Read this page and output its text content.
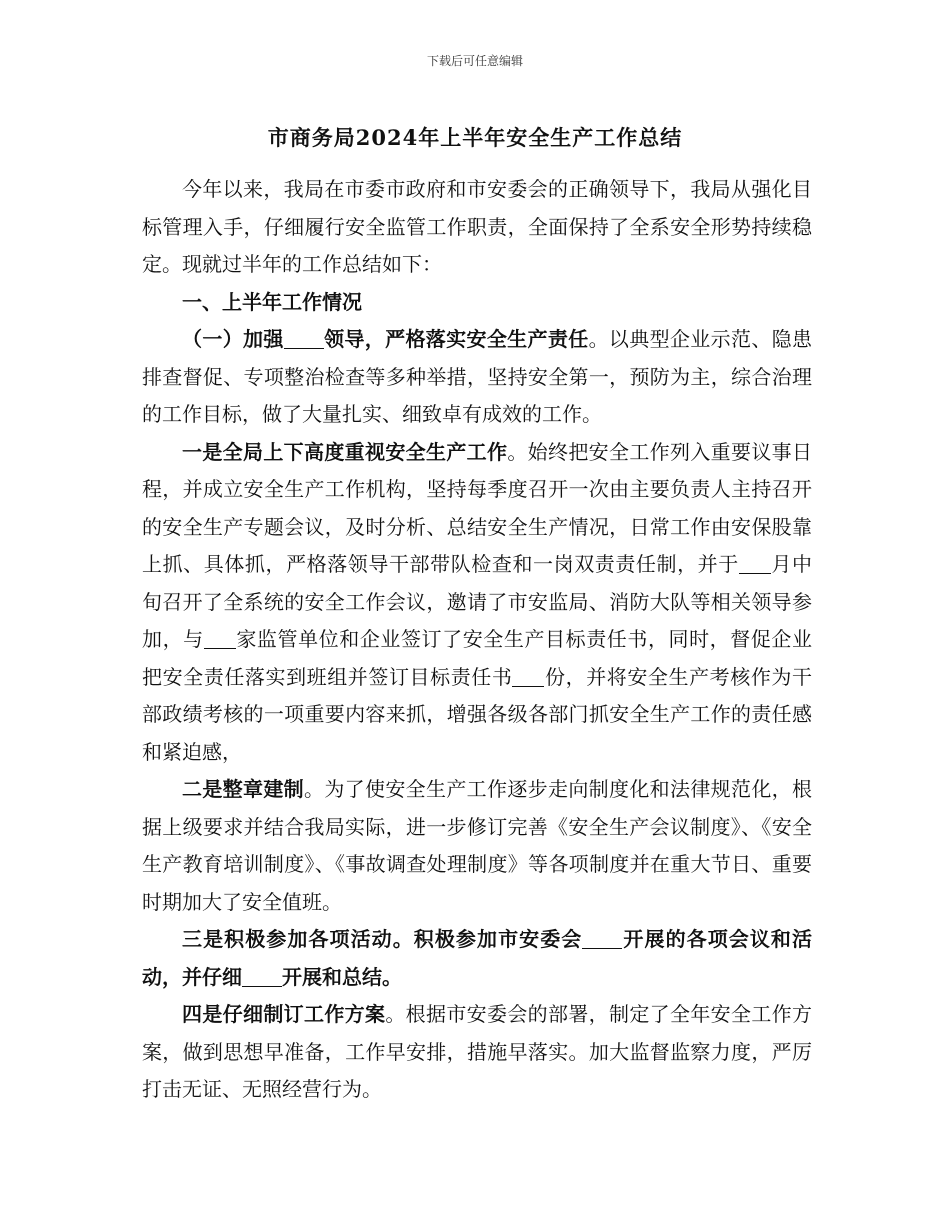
下载后可任意编辑
市商务局2024年上半年安全生产工作总结

今年以来，我局在市委市政府和市安委会的正确领导下，我局从强化目标管理入手，仔细履行安全监管工作职责，全面保持了全系安全形势持续稳定。现就过半年的工作总结如下：

一、上半年工作情况

（一）加强 领导，严格落实安全生产责任。以典型企业示范、隐患排查督促、专项整治检查等多种举措，坚持安全第一，预防为主，综合治理的工作目标，做了大量扎实、细致卓有成效的工作。

一是全局上下高度重视安全生产工作。始终把安全工作列入重要议事日程，并成立安全生产工作机构，坚持每季度召开一次由主要负责人主持召开的安全生产专题会议，及时分析、总结安全生产情况，日常工作由安保股靠上抓、具体抓，严格落领导干部带队检查和一岗双责责任制，并于 月中旬召开了全系统的安全工作会议，邀请了市安监局、消防大队等相关领导参加，与 家监管单位和企业签订了安全生产目标责任书，同时，督促企业把安全责任落实到班组并签订目标责任书 份，并将安全生产考核作为干部政绩考核的一项重要内容来抓，增强各级各部门抓安全生产工作的责任感和紧迫感，

二是整章建制。为了使安全生产工作逐步走向制度化和法律规范化，根据上级要求并结合我局实际，进一步修订完善《安全生产会议制度》、《安全生产教育培训制度》、《事故调查处理制度》等各项制度并在重大节日、重要时期加大了安全值班。

三是积极参加各项活动。积极参加市安委会 开展的各项会议和活动，并仔细 开展和总结。

四是仔细制订工作方案。根据市安委会的部署，制定了全年安全工作方案，做到思想早准备，工作早安排，措施早落实。加大监督监察力度，严厉打击无证、无照经营行为。
